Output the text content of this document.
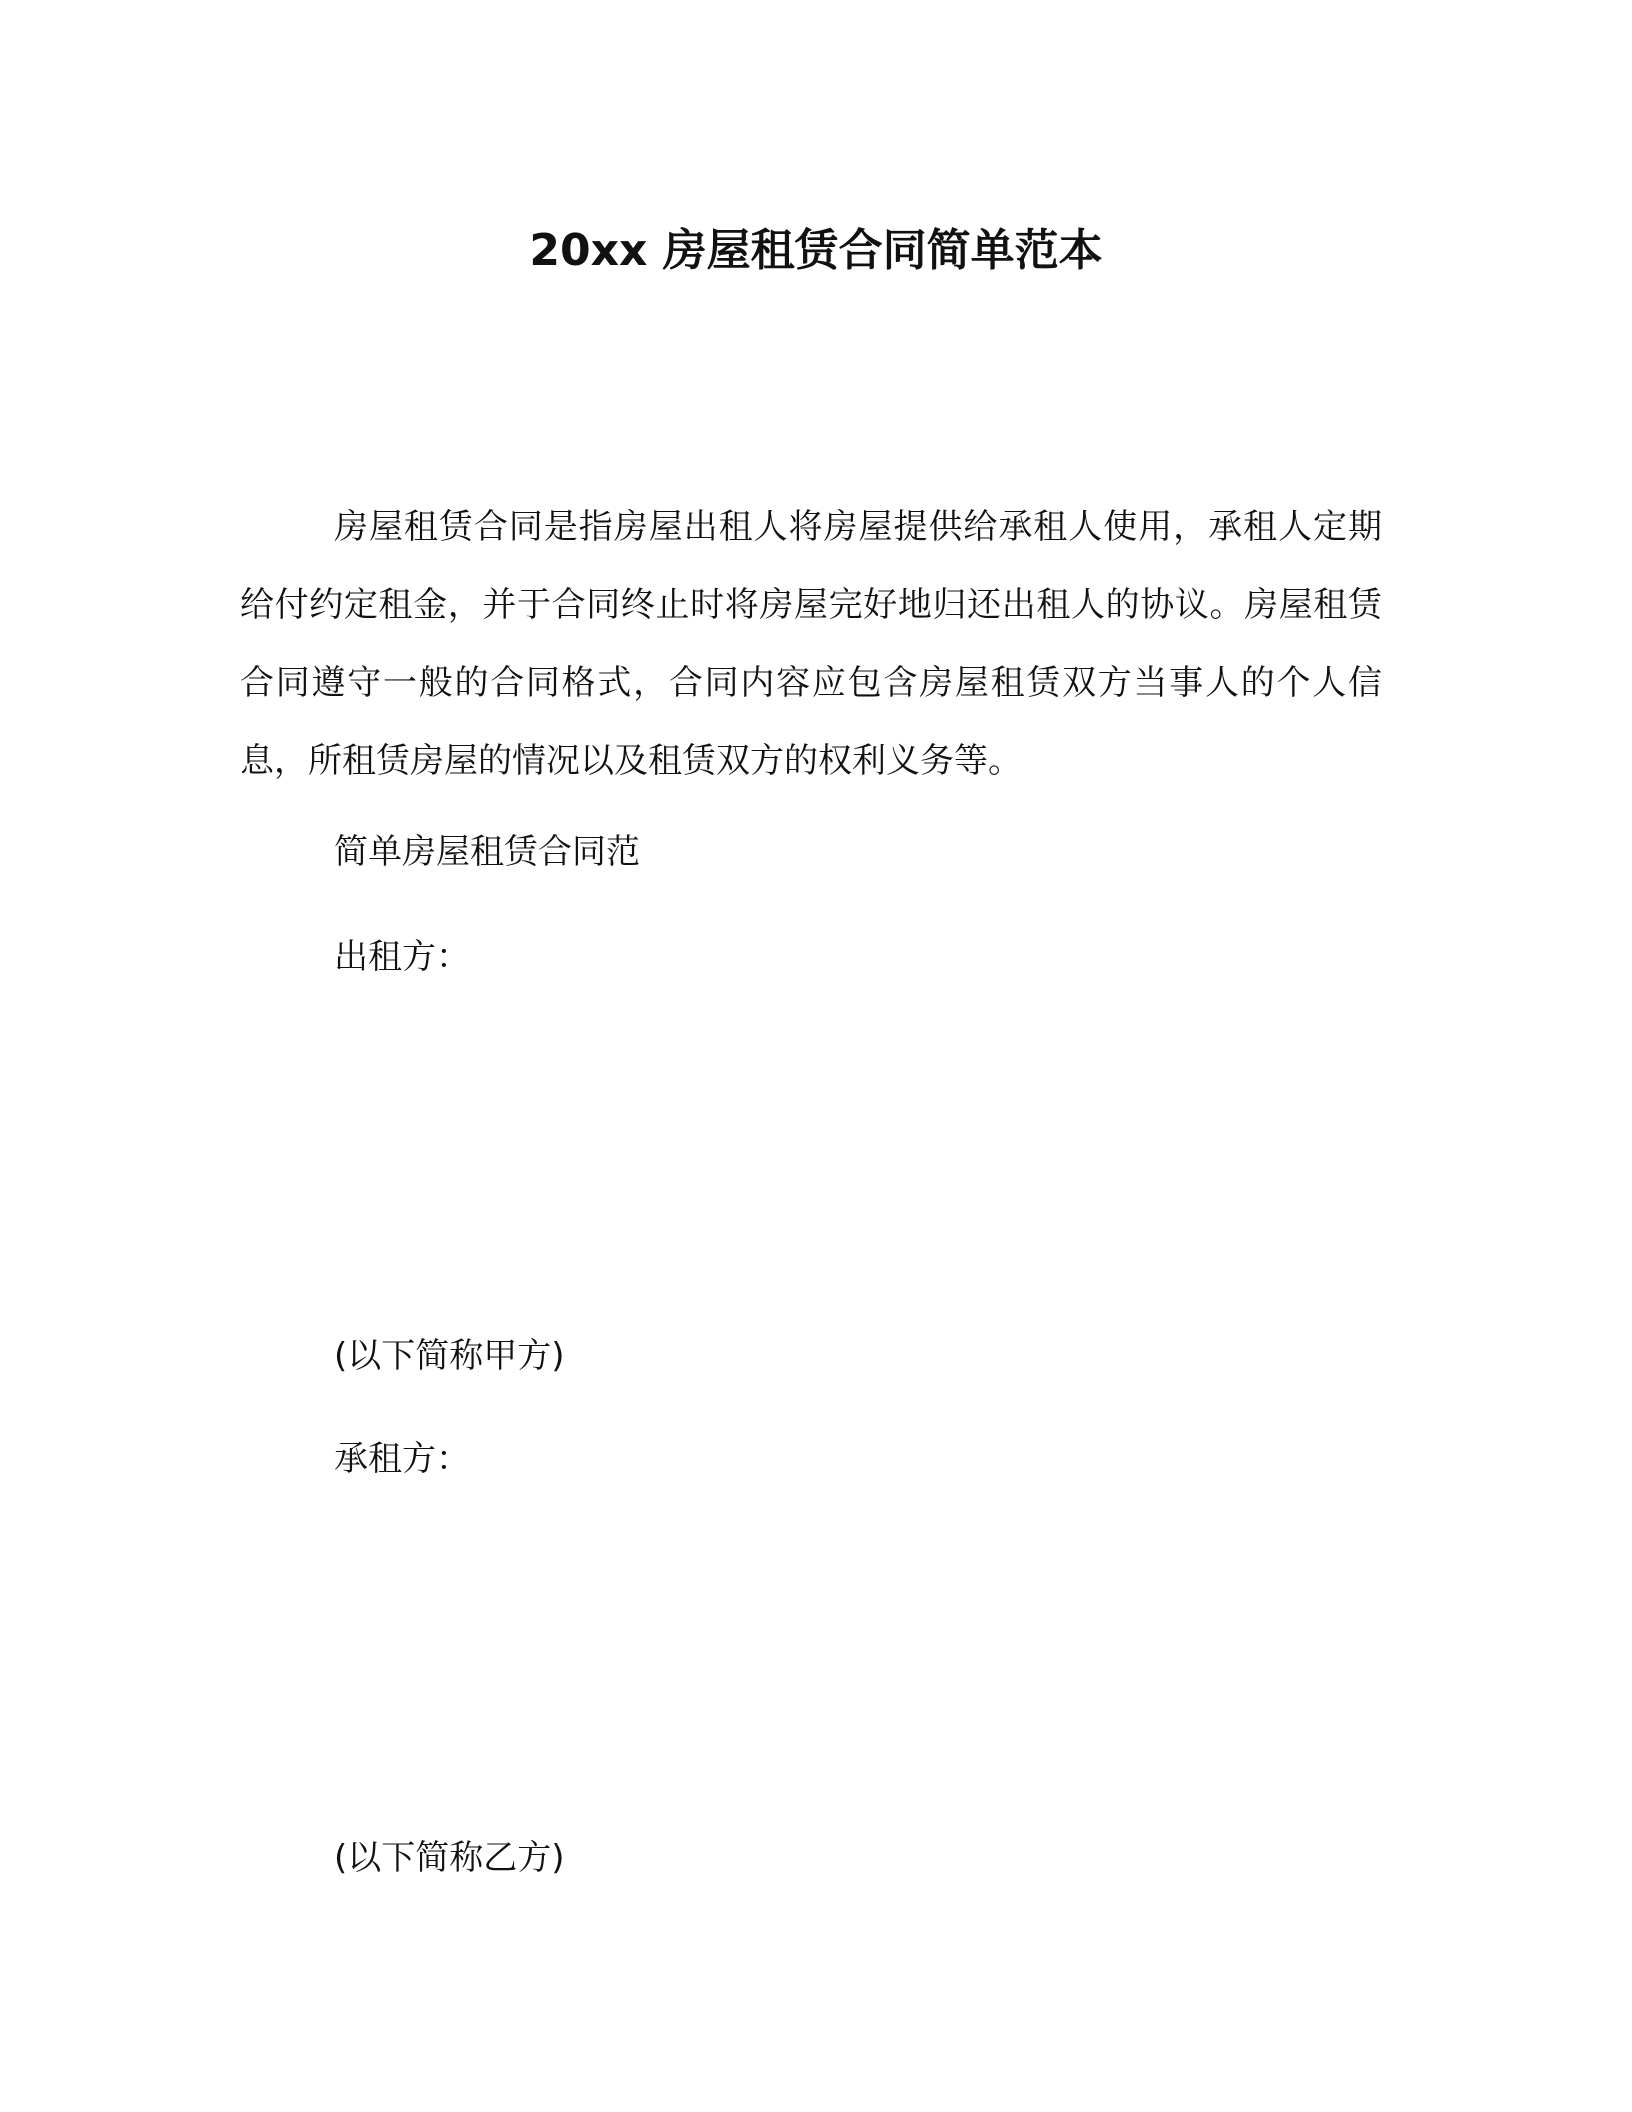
20xx 房屋租赁合同简单范本

房屋租赁合同是指房屋出租人将房屋提供给承租人使用，承租人定期给付约定租金，并于合同终止时将房屋完好地归还出租人的协议。房屋租赁合同遵守一般的合同格式，合同内容应包含房屋租赁双方当事人的个人信息，所租赁房屋的情况以及租赁双方的权利义务等。

简单房屋租赁合同范

出租方：

(以下简称甲方)

承租方：

(以下简称乙方)
